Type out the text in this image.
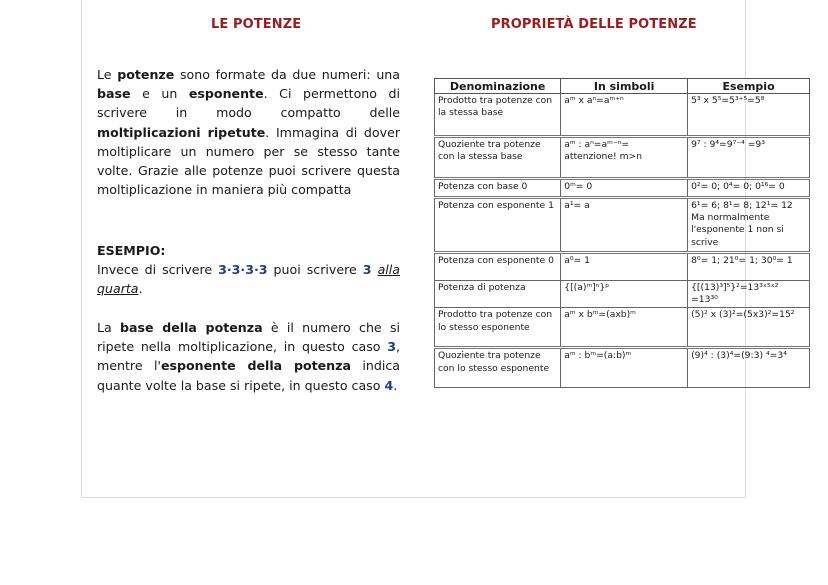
LE POTENZE	PROPRIETÀ DELLE POTENZE
Le potenze sono formate da due numeri: una base e un esponente. Ci permettono di scrivere in modo compatto delle moltiplicazioni ripetute. Immagina di dover moltiplicare un numero per se stesso tante volte. Grazie alle potenze puoi scrivere questa moltiplicazione in maniera più compatta
ESEMPIO:
Invece di scrivere 3·3·3·3 puoi scrivere 3 alla quarta.
La base della potenza è il numero che si ripete nella moltiplicazione, in questo caso 3, mentre l'esponente della potenza indica quante volte la base si ripete, in questo caso 4.
Denominazione	In simboli	Esempio
Prodotto tra potenze con la stessa base	aᵐ x aⁿ=aᵐ⁺ⁿ	5³ x 5⁵=5³⁺⁵=5⁸
Quoziente tra potenze con la stessa base	aᵐ : aⁿ=aᵐ⁻ⁿ= attenzione! m>n	9⁷ : 9⁴=9⁷⁻⁴ =9³
Potenza con base 0	0ᵐ= 0	0²= 0; 0⁴= 0; 0¹⁶= 0
Potenza con esponente 1	a¹= a	6¹= 6; 8¹= 8; 12¹= 12 Ma normalmente l'esponente 1 non si scrive
Potenza con esponente 0	a⁰= 1	8⁰= 1; 21⁰= 1; 30⁰= 1
Potenza di potenza	{[(a)ᵐ]ⁿ}ᵖ	{[(13)³]⁵}²=13³ˣ⁵ˣ² =13³⁰
Prodotto tra potenze con lo stesso esponente	aᵐ x bᵐ=(axb)ᵐ	(5)² x (3)²=(5x3)²=15²
Quoziente tra potenze con lo stesso esponente	aᵐ : bᵐ=(a:b)ᵐ	(9)⁴ : (3)⁴=(9:3) ⁴=3⁴
